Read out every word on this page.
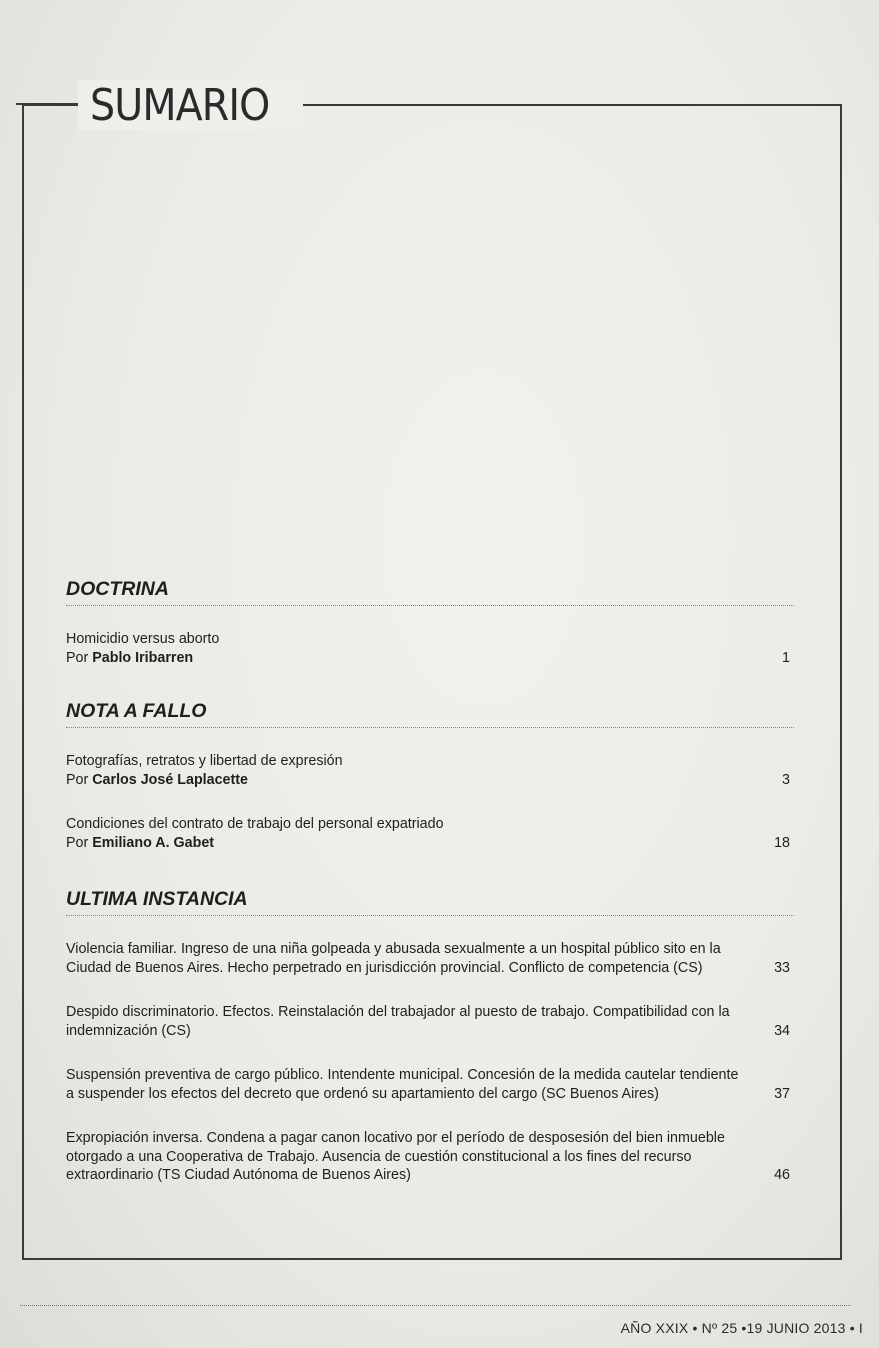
SUMARIO
DOCTRINA
Homicidio versus aborto
Por Pablo Iribarren	1
NOTA A FALLO
Fotografías, retratos y libertad de expresión
Por Carlos José Laplacette	3
Condiciones del contrato de trabajo del personal expatriado
Por Emiliano A. Gabet	18
ULTIMA INSTANCIA
Violencia familiar. Ingreso de una niña golpeada y abusada sexualmente a un hospital público sito en la Ciudad de Buenos Aires. Hecho perpetrado en jurisdicción provincial. Conflicto de competencia (CS)	33
Despido discriminatorio. Efectos. Reinstalación del trabajador al puesto de trabajo. Compatibilidad con la indemnización (CS)	34
Suspensión preventiva de cargo público. Intendente municipal. Concesión de la medida cautelar tendiente a suspender los efectos del decreto que ordenó su apartamiento del cargo (SC Buenos Aires)	37
Expropiación inversa. Condena a pagar canon locativo por el período de desposesión del bien inmueble otorgado a una Cooperativa de Trabajo. Ausencia de cuestión constitucional a los fines del recurso extraordinario (TS Ciudad Autónoma de Buenos Aires)	46
AÑO XXIX • Nº 25 •19 JUNIO 2013 • I
